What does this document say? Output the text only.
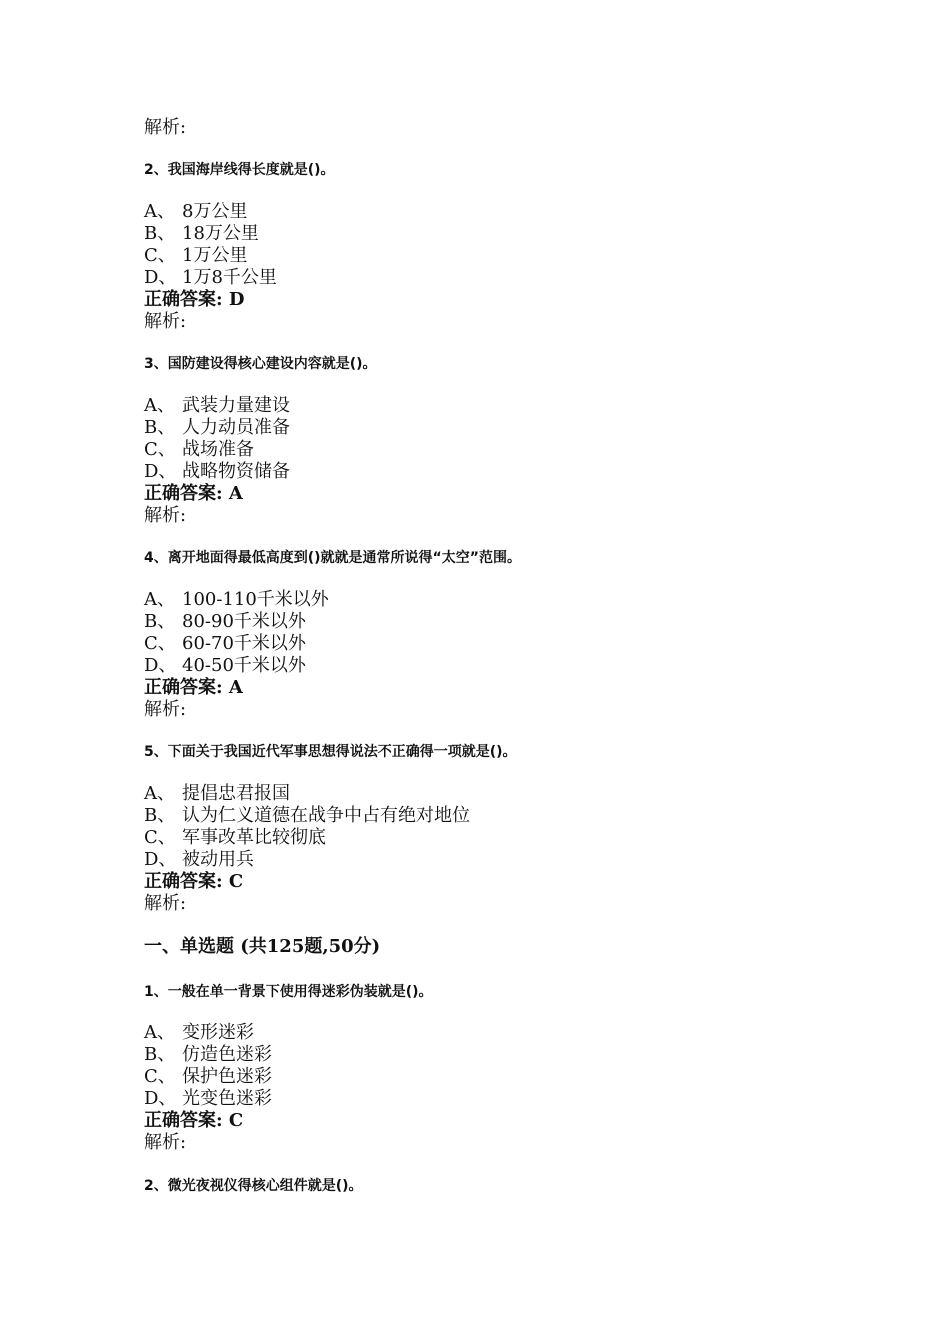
解析:
2、我国海岸线得长度就是()。
A、 8万公里
B、 18万公里
C、 1万公里
D、 1万8千公里
正确答案: D
解析:
3、国防建设得核心建设内容就是()。
A、 武装力量建设
B、 人力动员准备
C、 战场准备
D、 战略物资储备
正确答案: A
解析:
4、离开地面得最低高度到()就就是通常所说得“太空”范围。
A、 100-110千米以外
B、 80-90千米以外
C、 60-70千米以外
D、 40-50千米以外
正确答案: A
解析:
5、下面关于我国近代军事思想得说法不正确得一项就是()。
A、 提倡忠君报国
B、 认为仁义道德在战争中占有绝对地位
C、 军事改革比较彻底
D、 被动用兵
正确答案: C
解析:
一、单选题 (共125题,50分)
1、一般在单一背景下使用得迷彩伪装就是()。
A、 变形迷彩
B、 仿造色迷彩
C、 保护色迷彩
D、 光变色迷彩
正确答案: C
解析:
2、微光夜视仪得核心组件就是()。
